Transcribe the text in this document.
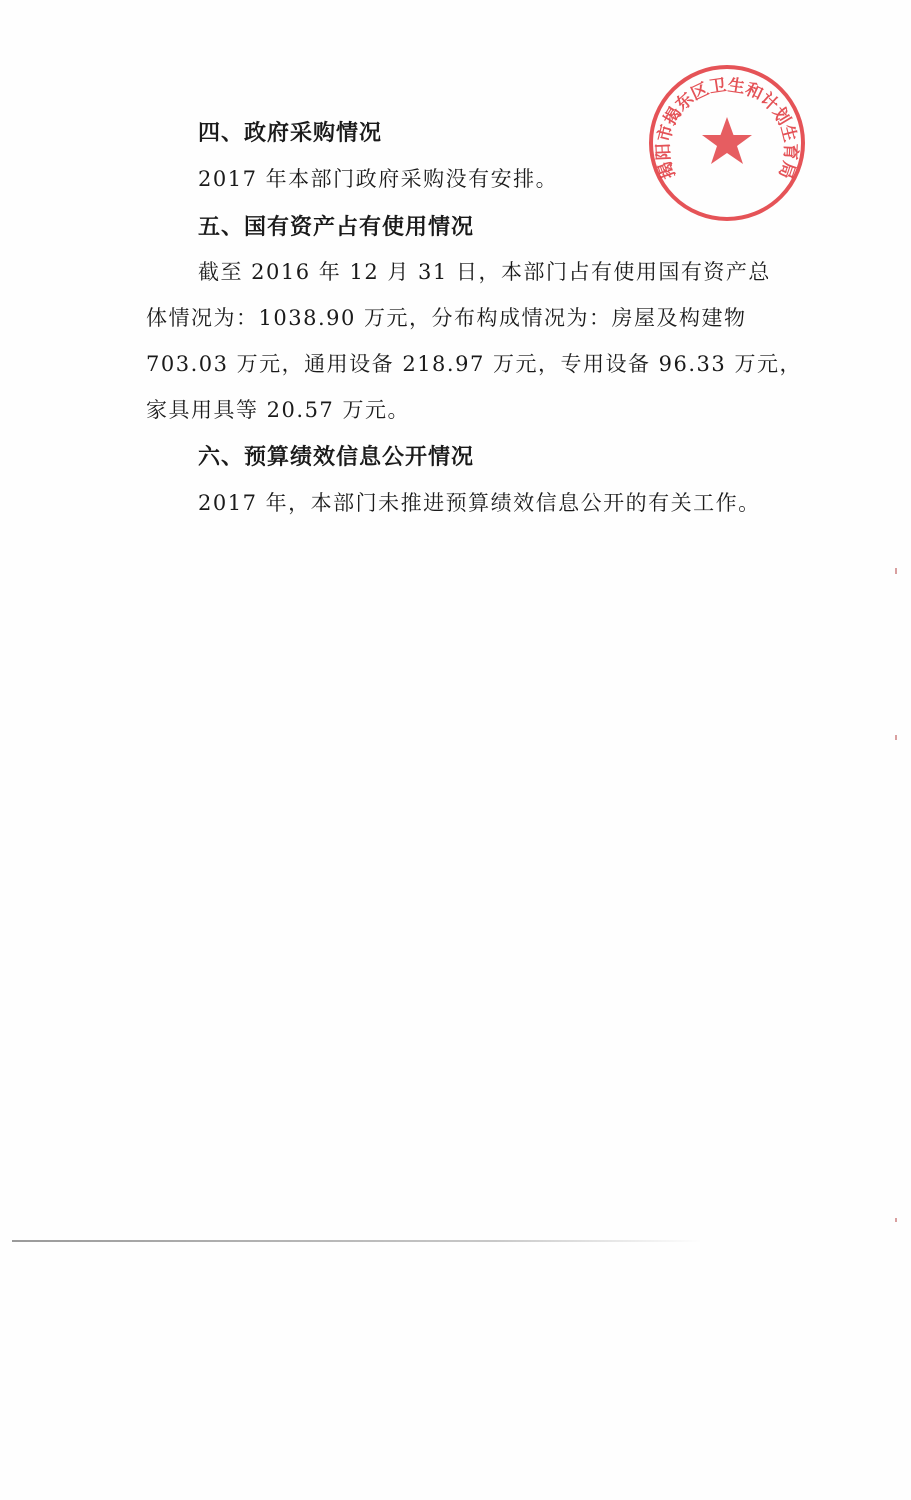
四、政府采购情况
2017 年本部门政府采购没有安排。
五、国有资产占有使用情况
截至 2016 年 12 月 31 日，本部门占有使用国有资产总
体情况为：1038.90 万元，分布构成情况为：房屋及构建物
703.03 万元，通用设备 218.97 万元，专用设备 96.33 万元，
家具用具等 20.57 万元。
六、预算绩效信息公开情况
2017 年，本部门未推进预算绩效信息公开的有关工作。
揭阳市揭东区卫生和计划生育局
